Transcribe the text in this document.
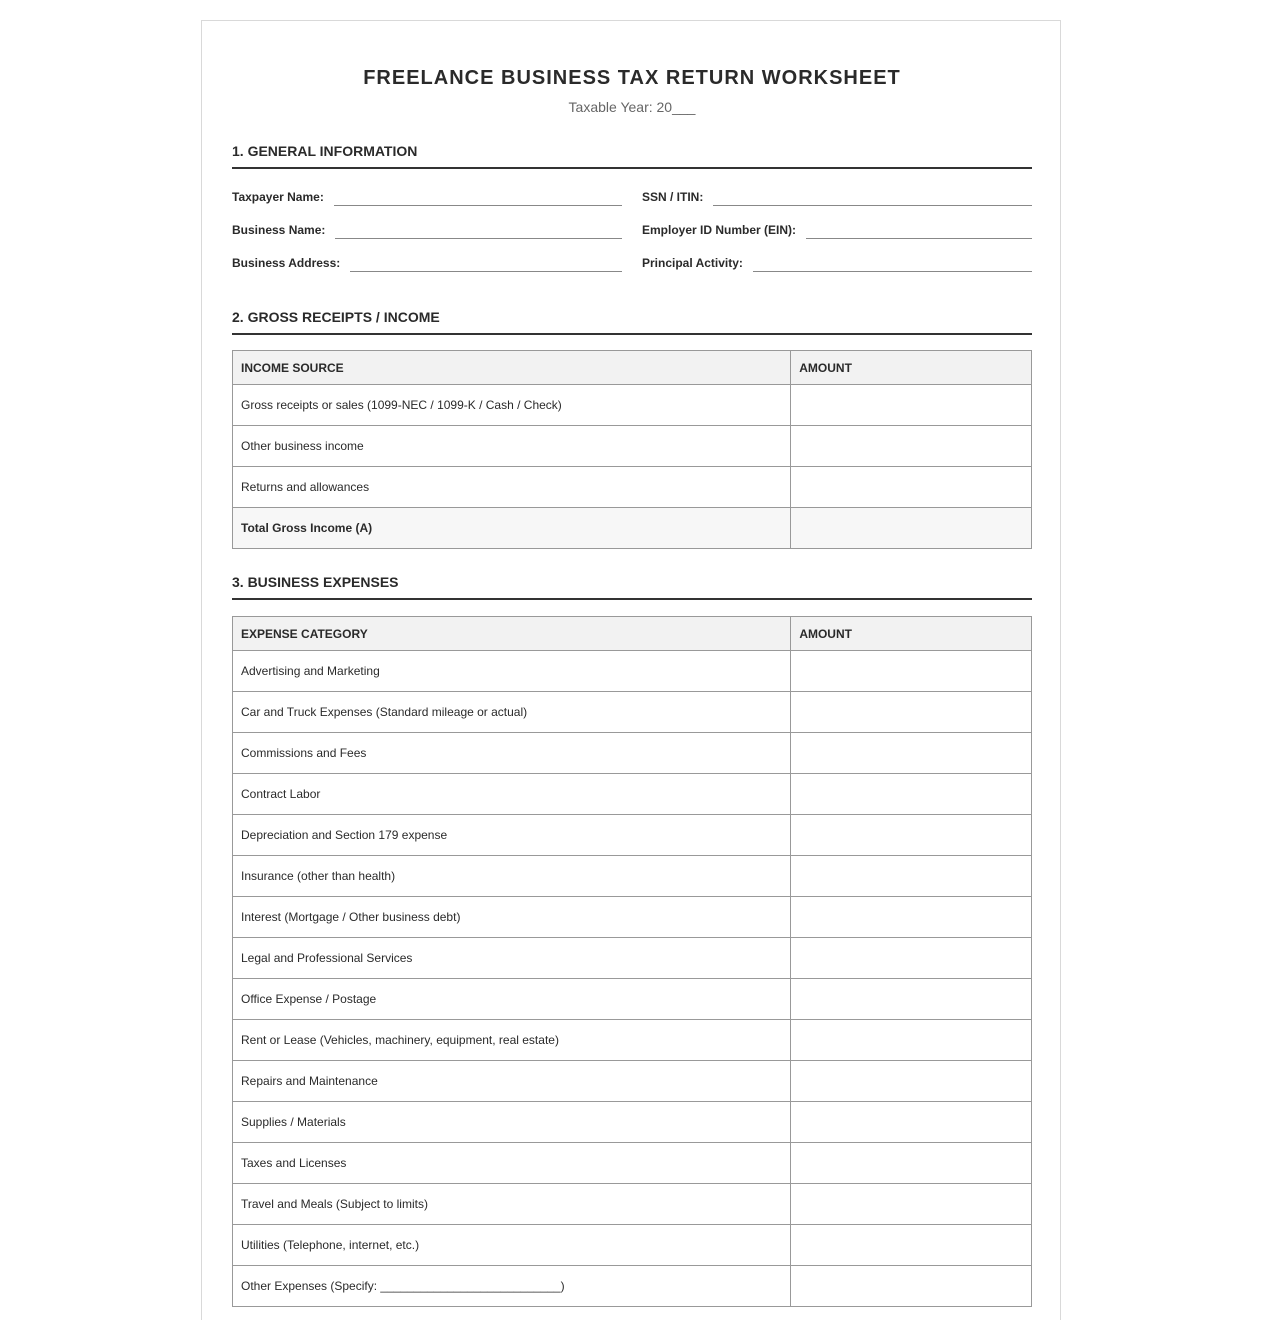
FREELANCE BUSINESS TAX RETURN WORKSHEET
Taxable Year: 20___
1. GENERAL INFORMATION
Taxpayer Name:	SSN / ITIN:
Business Name:	Employer ID Number (EIN):
Business Address:	Principal Activity:
2. GROSS RECEIPTS / INCOME
INCOME SOURCE	AMOUNT
Gross receipts or sales (1099-NEC / 1099-K / Cash / Check)	
Other business income	
Returns and allowances	
Total Gross Income (A)	
3. BUSINESS EXPENSES
EXPENSE CATEGORY	AMOUNT
Advertising and Marketing	
Car and Truck Expenses (Standard mileage or actual)	
Commissions and Fees	
Contract Labor	
Depreciation and Section 179 expense	
Insurance (other than health)	
Interest (Mortgage / Other business debt)	
Legal and Professional Services	
Office Expense / Postage	
Rent or Lease (Vehicles, machinery, equipment, real estate)	
Repairs and Maintenance	
Supplies / Materials	
Taxes and Licenses	
Travel and Meals (Subject to limits)	
Utilities (Telephone, internet, etc.)	
Other Expenses (Specify: ___________________________)	
